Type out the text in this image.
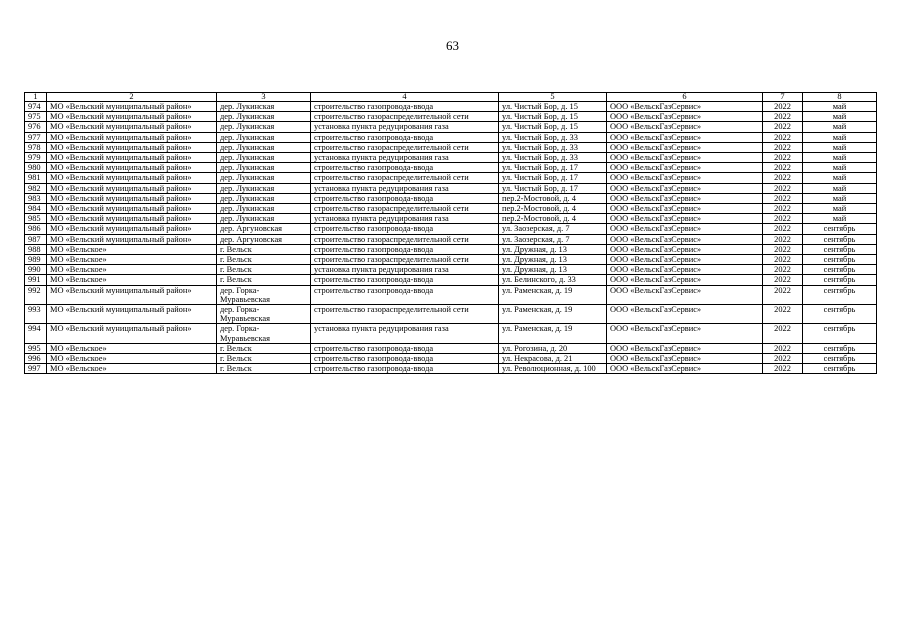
63
1	2	3	4	5	6	7	8
974	МО «Вельский муниципальный район»	дер. Лукинская	строительство газопровода-ввода	ул. Чистый Бор, д. 15	ООО «ВельскГазСервис»	2022	май
975	МО «Вельский муниципальный район»	дер. Лукинская	строительство газораспределительной сети	ул. Чистый Бор, д. 15	ООО «ВельскГазСервис»	2022	май
976	МО «Вельский муниципальный район»	дер. Лукинская	установка пункта редуцирования газа	ул. Чистый Бор, д. 15	ООО «ВельскГазСервис»	2022	май
977	МО «Вельский муниципальный район»	дер. Лукинская	строительство газопровода-ввода	ул. Чистый Бор, д. 33	ООО «ВельскГазСервис»	2022	май
978	МО «Вельский муниципальный район»	дер. Лукинская	строительство газораспределительной сети	ул. Чистый Бор, д. 33	ООО «ВельскГазСервис»	2022	май
979	МО «Вельский муниципальный район»	дер. Лукинская	установка пункта редуцирования газа	ул. Чистый Бор, д. 33	ООО «ВельскГазСервис»	2022	май
980	МО «Вельский муниципальный район»	дер. Лукинская	строительство газопровода-ввода	ул. Чистый Бор, д. 17	ООО «ВельскГазСервис»	2022	май
981	МО «Вельский муниципальный район»	дер. Лукинская	строительство газораспределительной сети	ул. Чистый Бор, д. 17	ООО «ВельскГазСервис»	2022	май
982	МО «Вельский муниципальный район»	дер. Лукинская	установка пункта редуцирования газа	ул. Чистый Бор, д. 17	ООО «ВельскГазСервис»	2022	май
983	МО «Вельский муниципальный район»	дер. Лукинская	строительство газопровода-ввода	пер.2-Мостовой, д. 4	ООО «ВельскГазСервис»	2022	май
984	МО «Вельский муниципальный район»	дер. Лукинская	строительство газораспределительной сети	пер.2-Мостовой, д. 4	ООО «ВельскГазСервис»	2022	май
985	МО «Вельский муниципальный район»	дер. Лукинская	установка пункта редуцирования газа	пер.2-Мостовой, д. 4	ООО «ВельскГазСервис»	2022	май
986	МО «Вельский муниципальный район»	дер. Аргуновская	строительство газопровода-ввода	ул. Заозерская, д. 7	ООО «ВельскГазСервис»	2022	сентябрь
987	МО «Вельский муниципальный район»	дер. Аргуновская	строительство газораспределительной сети	ул. Заозерская, д. 7	ООО «ВельскГазСервис»	2022	сентябрь
988	МО «Вельское»	г. Вельск	строительство газопровода-ввода	ул. Дружная, д. 13	ООО «ВельскГазСервис»	2022	сентябрь
989	МО «Вельское»	г. Вельск	строительство газораспределительной сети	ул. Дружная, д. 13	ООО «ВельскГазСервис»	2022	сентябрь
990	МО «Вельское»	г. Вельск	установка пункта редуцирования газа	ул. Дружная, д. 13	ООО «ВельскГазСервис»	2022	сентябрь
991	МО «Вельское»	г. Вельск	строительство газопровода-ввода	ул. Белинского, д. 33	ООО «ВельскГазСервис»	2022	сентябрь
992	МО «Вельский муниципальный район»	дер. Горка-Муравьевская	строительство газопровода-ввода	ул. Раменская, д. 19	ООО «ВельскГазСервис»	2022	сентябрь
993	МО «Вельский муниципальный район»	дер. Горка-Муравьевская	строительство газораспределительной сети	ул. Раменская, д. 19	ООО «ВельскГазСервис»	2022	сентябрь
994	МО «Вельский муниципальный район»	дер. Горка-Муравьевская	установка пункта редуцирования газа	ул. Раменская, д. 19	ООО «ВельскГазСервис»	2022	сентябрь
995	МО «Вельское»	г. Вельск	строительство газопровода-ввода	ул. Рогозина, д. 20	ООО «ВельскГазСервис»	2022	сентябрь
996	МО «Вельское»	г. Вельск	строительство газопровода-ввода	ул. Некрасова, д. 21	ООО «ВельскГазСервис»	2022	сентябрь
997	МО «Вельское»	г. Вельск	строительство газопровода-ввода	ул. Революционная, д. 100	ООО «ВельскГазСервис»	2022	сентябрь
